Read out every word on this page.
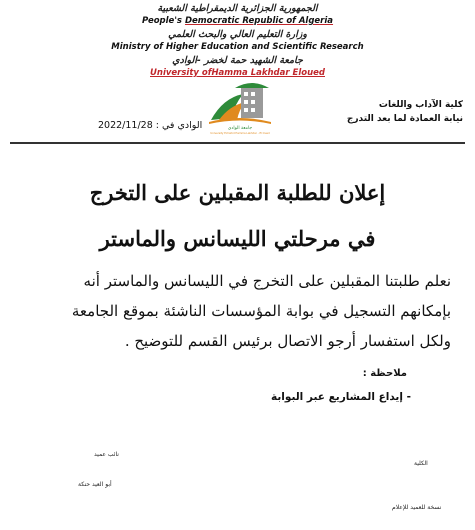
الجمهورية الجزائرية الديمقراطية الشعبية
People's Democratic Republic of Algeria
وزارة التعليم العالي والبحث العلمي
Ministry of Higher Education and Scientific Research
جامعة الشهيد حمة لخضر -الوادي
University ofHamma Lakhdar Eloued
كلية الآداب واللغات
نيابة العمادة لما بعد التدرج
الوادي في : 2022/11/28	جامعة الوادي
University Echahid Hamma Lakhdar - El Oued
إعلان للطلبة المقبلين على التخرج
في مرحلتي الليسانس والماستر
نعلم طلبتنا المقبلين على التخرج في الليسانس والماستر أنه
بإمكانهم التسجيل في بوابة المؤسسات الناشئة بموقع الجامعة
ولكل استفسار أرجو الاتصال برئيس القسم للتوضيح .
ملاحظة :
- إيداع المشاريع عبر البوابة
نائب عميد
الكلية
أبو العيد حنكة
نسخة للعميد للإعلام
